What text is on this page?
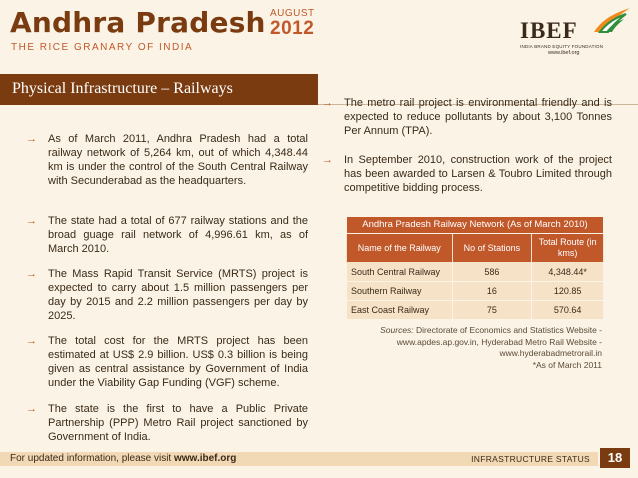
Andhra Pradesh AUGUST
2012
THE RICE GRANARY OF INDIA
IBEF
INDIA BRAND EQUITY FOUNDATION
www.ibef.org
Physical Infrastructure – Railways
→ As of March 2011, Andhra Pradesh had a total railway network of 5,264 km, out of which 4,348.44 km is under the control of the South Central Railway with Secunderabad as the headquarters.
→ The state had a total of 677 railway stations and the broad guage rail network of 4,996.61 km, as of March 2010.
→ The Mass Rapid Transit Service (MRTS) project is expected to carry about 1.5 million passengers per day by 2015 and 2.2 million passengers per day by 2025.
→ The total cost for the MRTS project has been estimated at US$ 2.9 billion. US$ 0.3 billion is being given as central assistance by Government of India under the Viability Gap Funding (VGF) scheme.
→ The state is the first to have a Public Private Partnership (PPP) Metro Rail project sanctioned by Government of India.
→ The metro rail project is environmental friendly and is expected to reduce pollutants by about 3,100 Tonnes Per Annum (TPA).
→ In September 2010, construction work of the project has been awarded to Larsen & Toubro Limited through competitive bidding process.
Andhra Pradesh Railway Network (As of March 2010)		
Name of the Railway	No of Stations	Total Route (in kms)
South Central Railway	586	4,348.44*
Southern Railway	16	120.85
East Coast Railway	75	570.64
Sources: Directorate of Economics and Statistics Website - www.apdes.ap.gov.in, Hyderabad Metro Rail Website - www.hyderabadmetrorail.in
*As of March 2011
For updated information, please visit www.ibef.org	INFRASTRUCTURE STATUS	18
